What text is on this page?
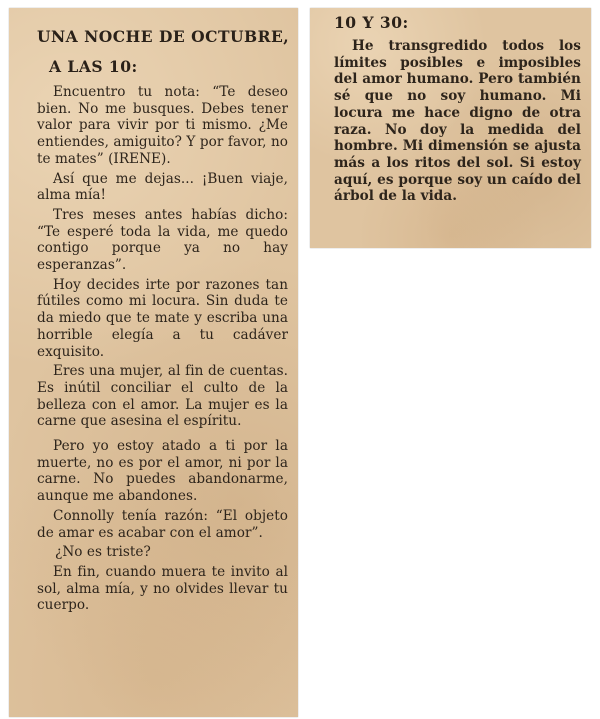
UNA NOCHE DE OCTUBRE,
A LAS 10:

Encuentro tu nota: “Te deseo bien. No me busques. Debes tener valor para vivir por ti mismo. ¿Me entiendes, amiguito? Y por favor, no te mates” (IRENE).

Así que me dejas... ¡Buen viaje, alma mía!

Tres meses antes habías dicho: “Te esperé toda la vida, me quedo contigo porque ya no hay esperanzas”.

Hoy decides irte por razones tan fútiles como mi locura. Sin duda te da miedo que te mate y escriba una horrible elegía a tu cadáver exquisito.

Eres una mujer, al fin de cuentas. Es inútil conciliar el culto de la belleza con el amor. La mujer es la carne que asesina el espíritu.

Pero yo estoy atado a ti por la muerte, no es por el amor, ni por la carne. No puedes abandonarme, aunque me abandones.

Connolly tenía razón: “El objeto de amar es acabar con el amor”.

¿No es triste?

En fin, cuando muera te invito al sol, alma mía, y no olvides llevar tu cuerpo.

10 Y 30:

He transgredido todos los límites posibles e imposibles del amor humano. Pero también sé que no soy humano. Mi locura me hace digno de otra raza. No doy la medida del hombre. Mi dimensión se ajusta más a los ritos del sol. Si estoy aquí, es porque soy un caído del árbol de la vida.
